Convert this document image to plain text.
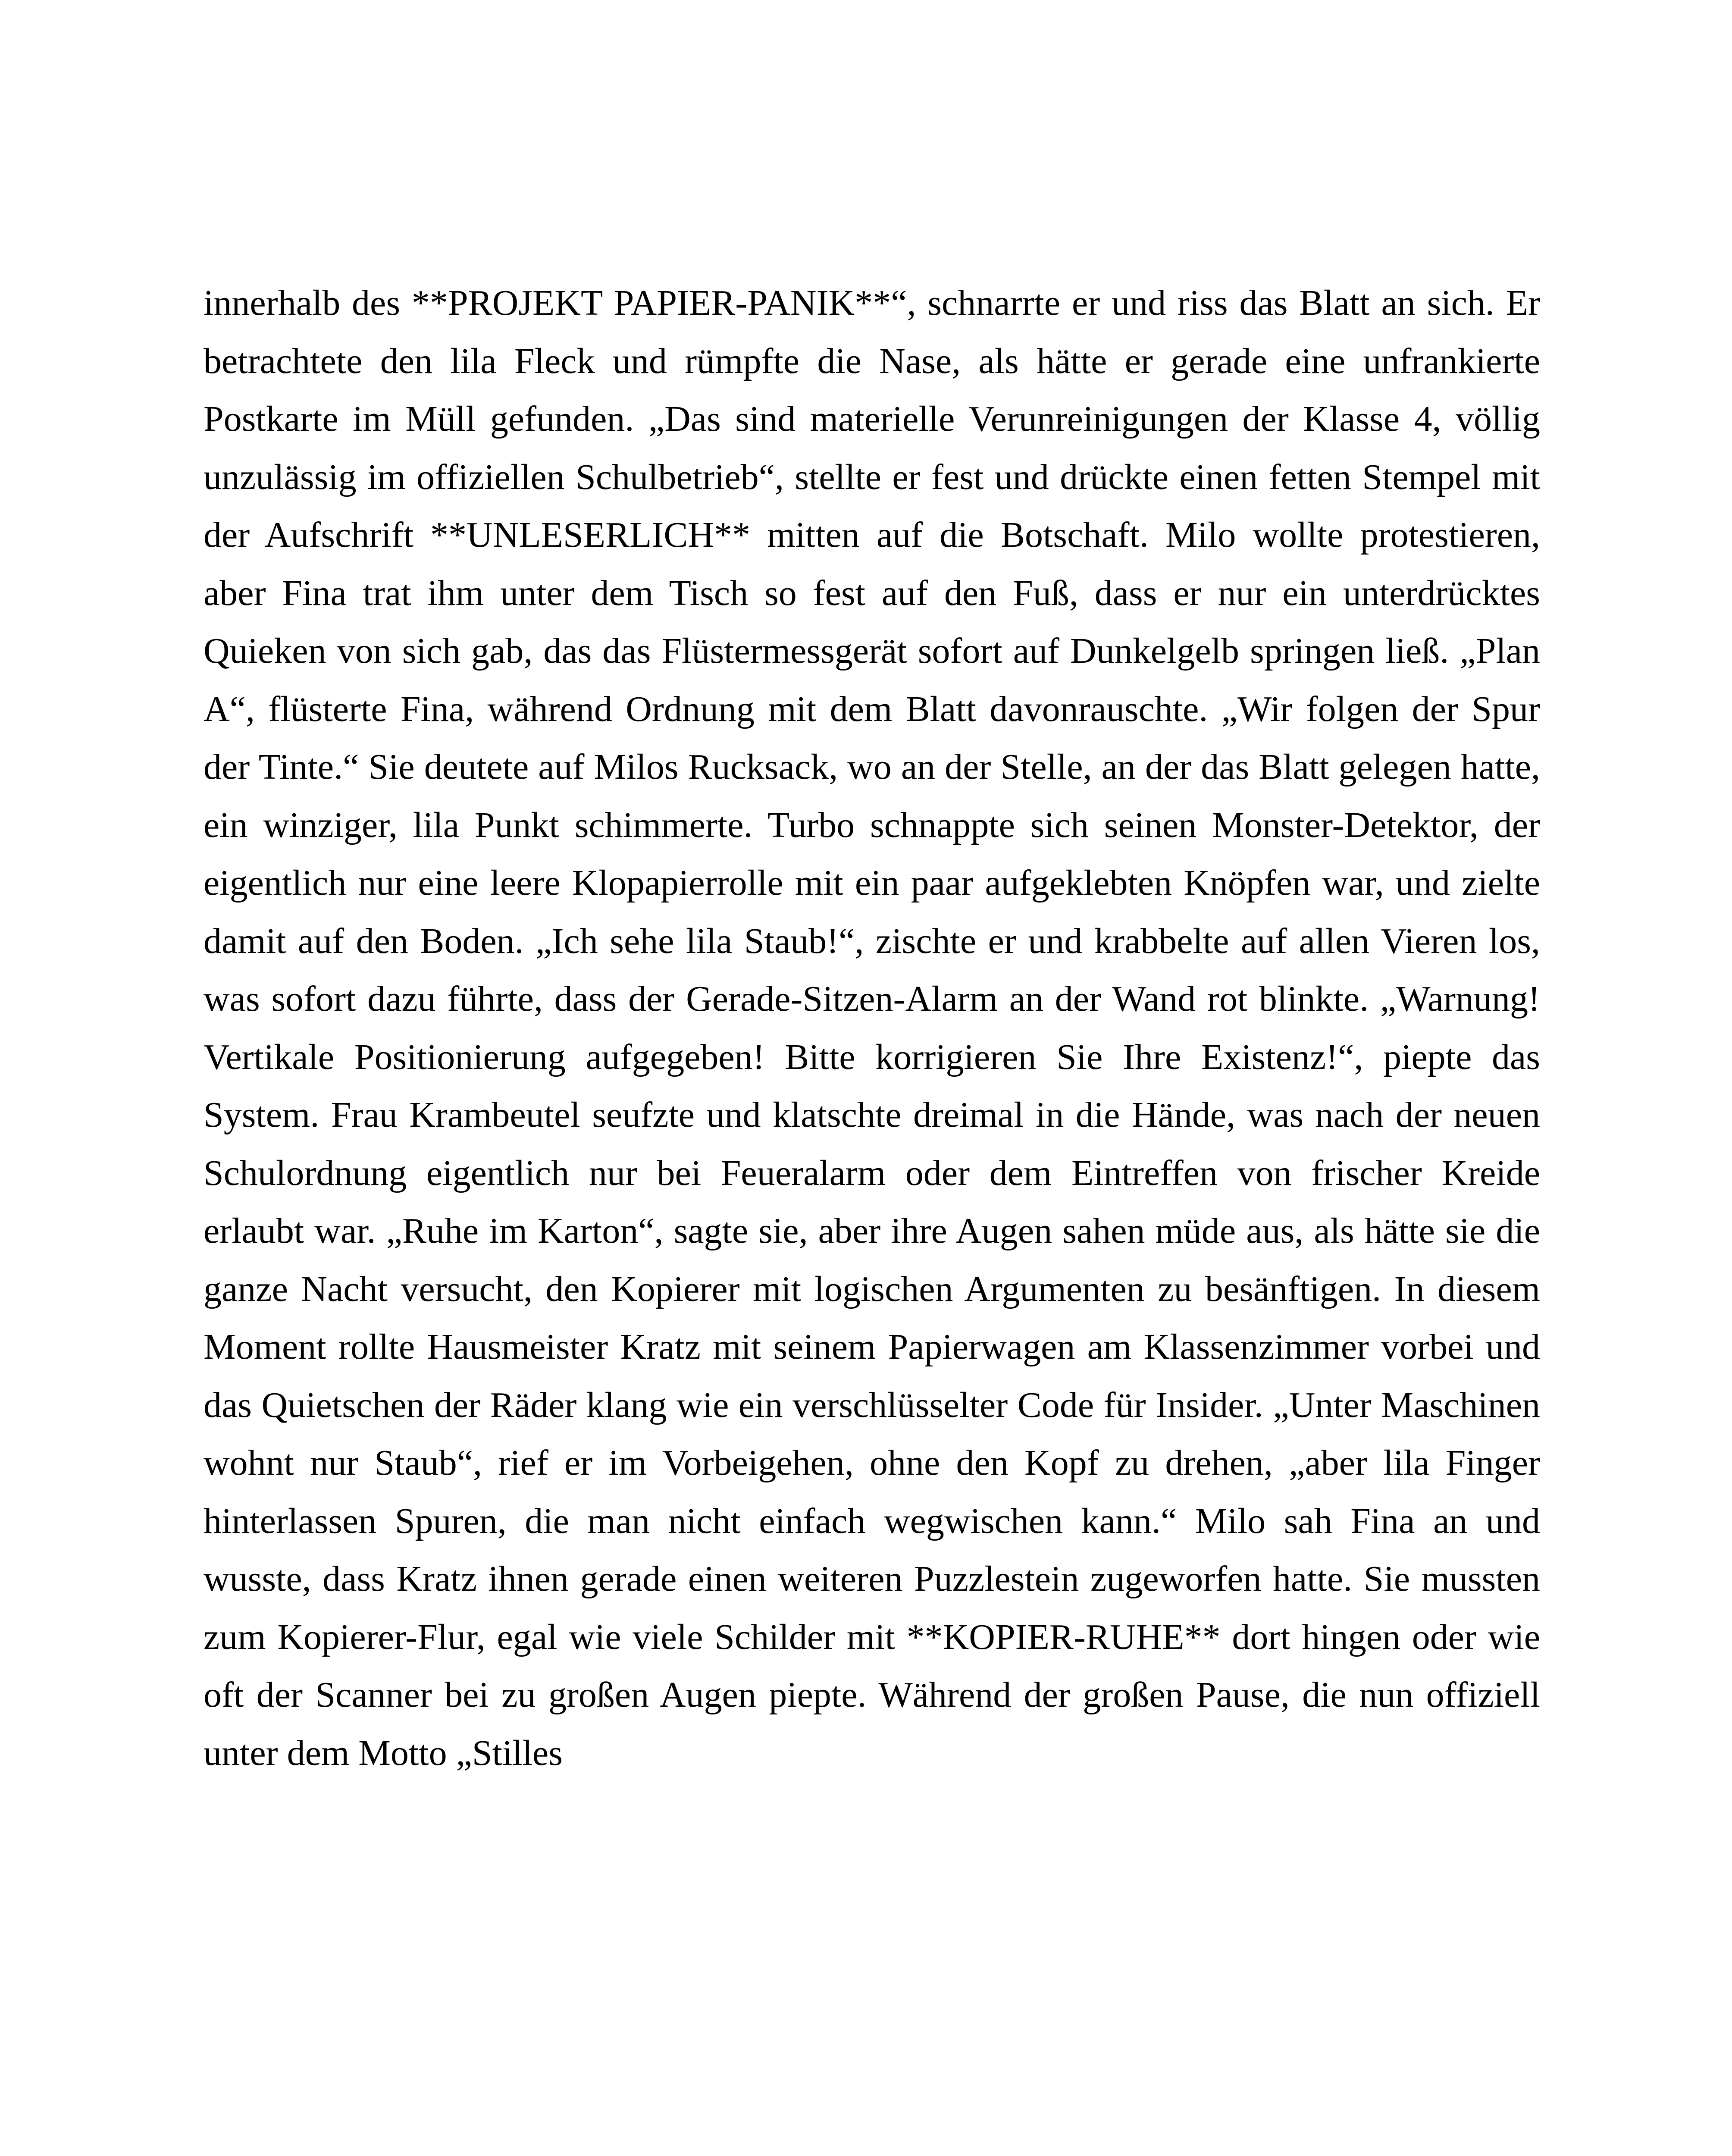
innerhalb des **PROJEKT PAPIER-PANIK**“, schnarrte er und riss das Blatt an sich. Er betrachtete den lila Fleck und rümpfte die Nase, als hätte er gerade eine unfrankierte Postkarte im Müll gefunden. „Das sind materielle Verunreinigungen der Klasse 4, völlig unzulässig im offiziellen Schulbetrieb“, stellte er fest und drückte einen fetten Stempel mit der Aufschrift **UNLESERLICH** mitten auf die Botschaft. Milo wollte protestieren, aber Fina trat ihm unter dem Tisch so fest auf den Fuß, dass er nur ein unterdrücktes Quieken von sich gab, das das Flüstermessgerät sofort auf Dunkelgelb springen ließ. „Plan A“, flüsterte Fina, während Ordnung mit dem Blatt davonrauschte. „Wir folgen der Spur der Tinte.“ Sie deutete auf Milos Rucksack, wo an der Stelle, an der das Blatt gelegen hatte, ein winziger, lila Punkt schimmerte. Turbo schnappte sich seinen Monster-Detektor, der eigentlich nur eine leere Klopapierrolle mit ein paar aufgeklebten Knöpfen war, und zielte damit auf den Boden. „Ich sehe lila Staub!“, zischte er und krabbelte auf allen Vieren los, was sofort dazu führte, dass der Gerade-Sitzen-Alarm an der Wand rot blinkte. „Warnung! Vertikale Positionierung aufgegeben! Bitte korrigieren Sie Ihre Existenz!“, piepte das System. Frau Krambeutel seufzte und klatschte dreimal in die Hände, was nach der neuen Schulordnung eigentlich nur bei Feueralarm oder dem Eintreffen von frischer Kreide erlaubt war. „Ruhe im Karton“, sagte sie, aber ihre Augen sahen müde aus, als hätte sie die ganze Nacht versucht, den Kopierer mit logischen Argumenten zu besänftigen. In diesem Moment rollte Hausmeister Kratz mit seinem Papierwagen am Klassenzimmer vorbei und das Quietschen der Räder klang wie ein verschlüsselter Code für Insider. „Unter Maschinen wohnt nur Staub“, rief er im Vorbeigehen, ohne den Kopf zu drehen, „aber lila Finger hinterlassen Spuren, die man nicht einfach wegwischen kann.“ Milo sah Fina an und wusste, dass Kratz ihnen gerade einen weiteren Puzzlestein zugeworfen hatte. Sie mussten zum Kopierer-Flur, egal wie viele Schilder mit **KOPIER-RUHE** dort hingen oder wie oft der Scanner bei zu großen Augen piepte. Während der großen Pause, die nun offiziell unter dem Motto „Stilles
